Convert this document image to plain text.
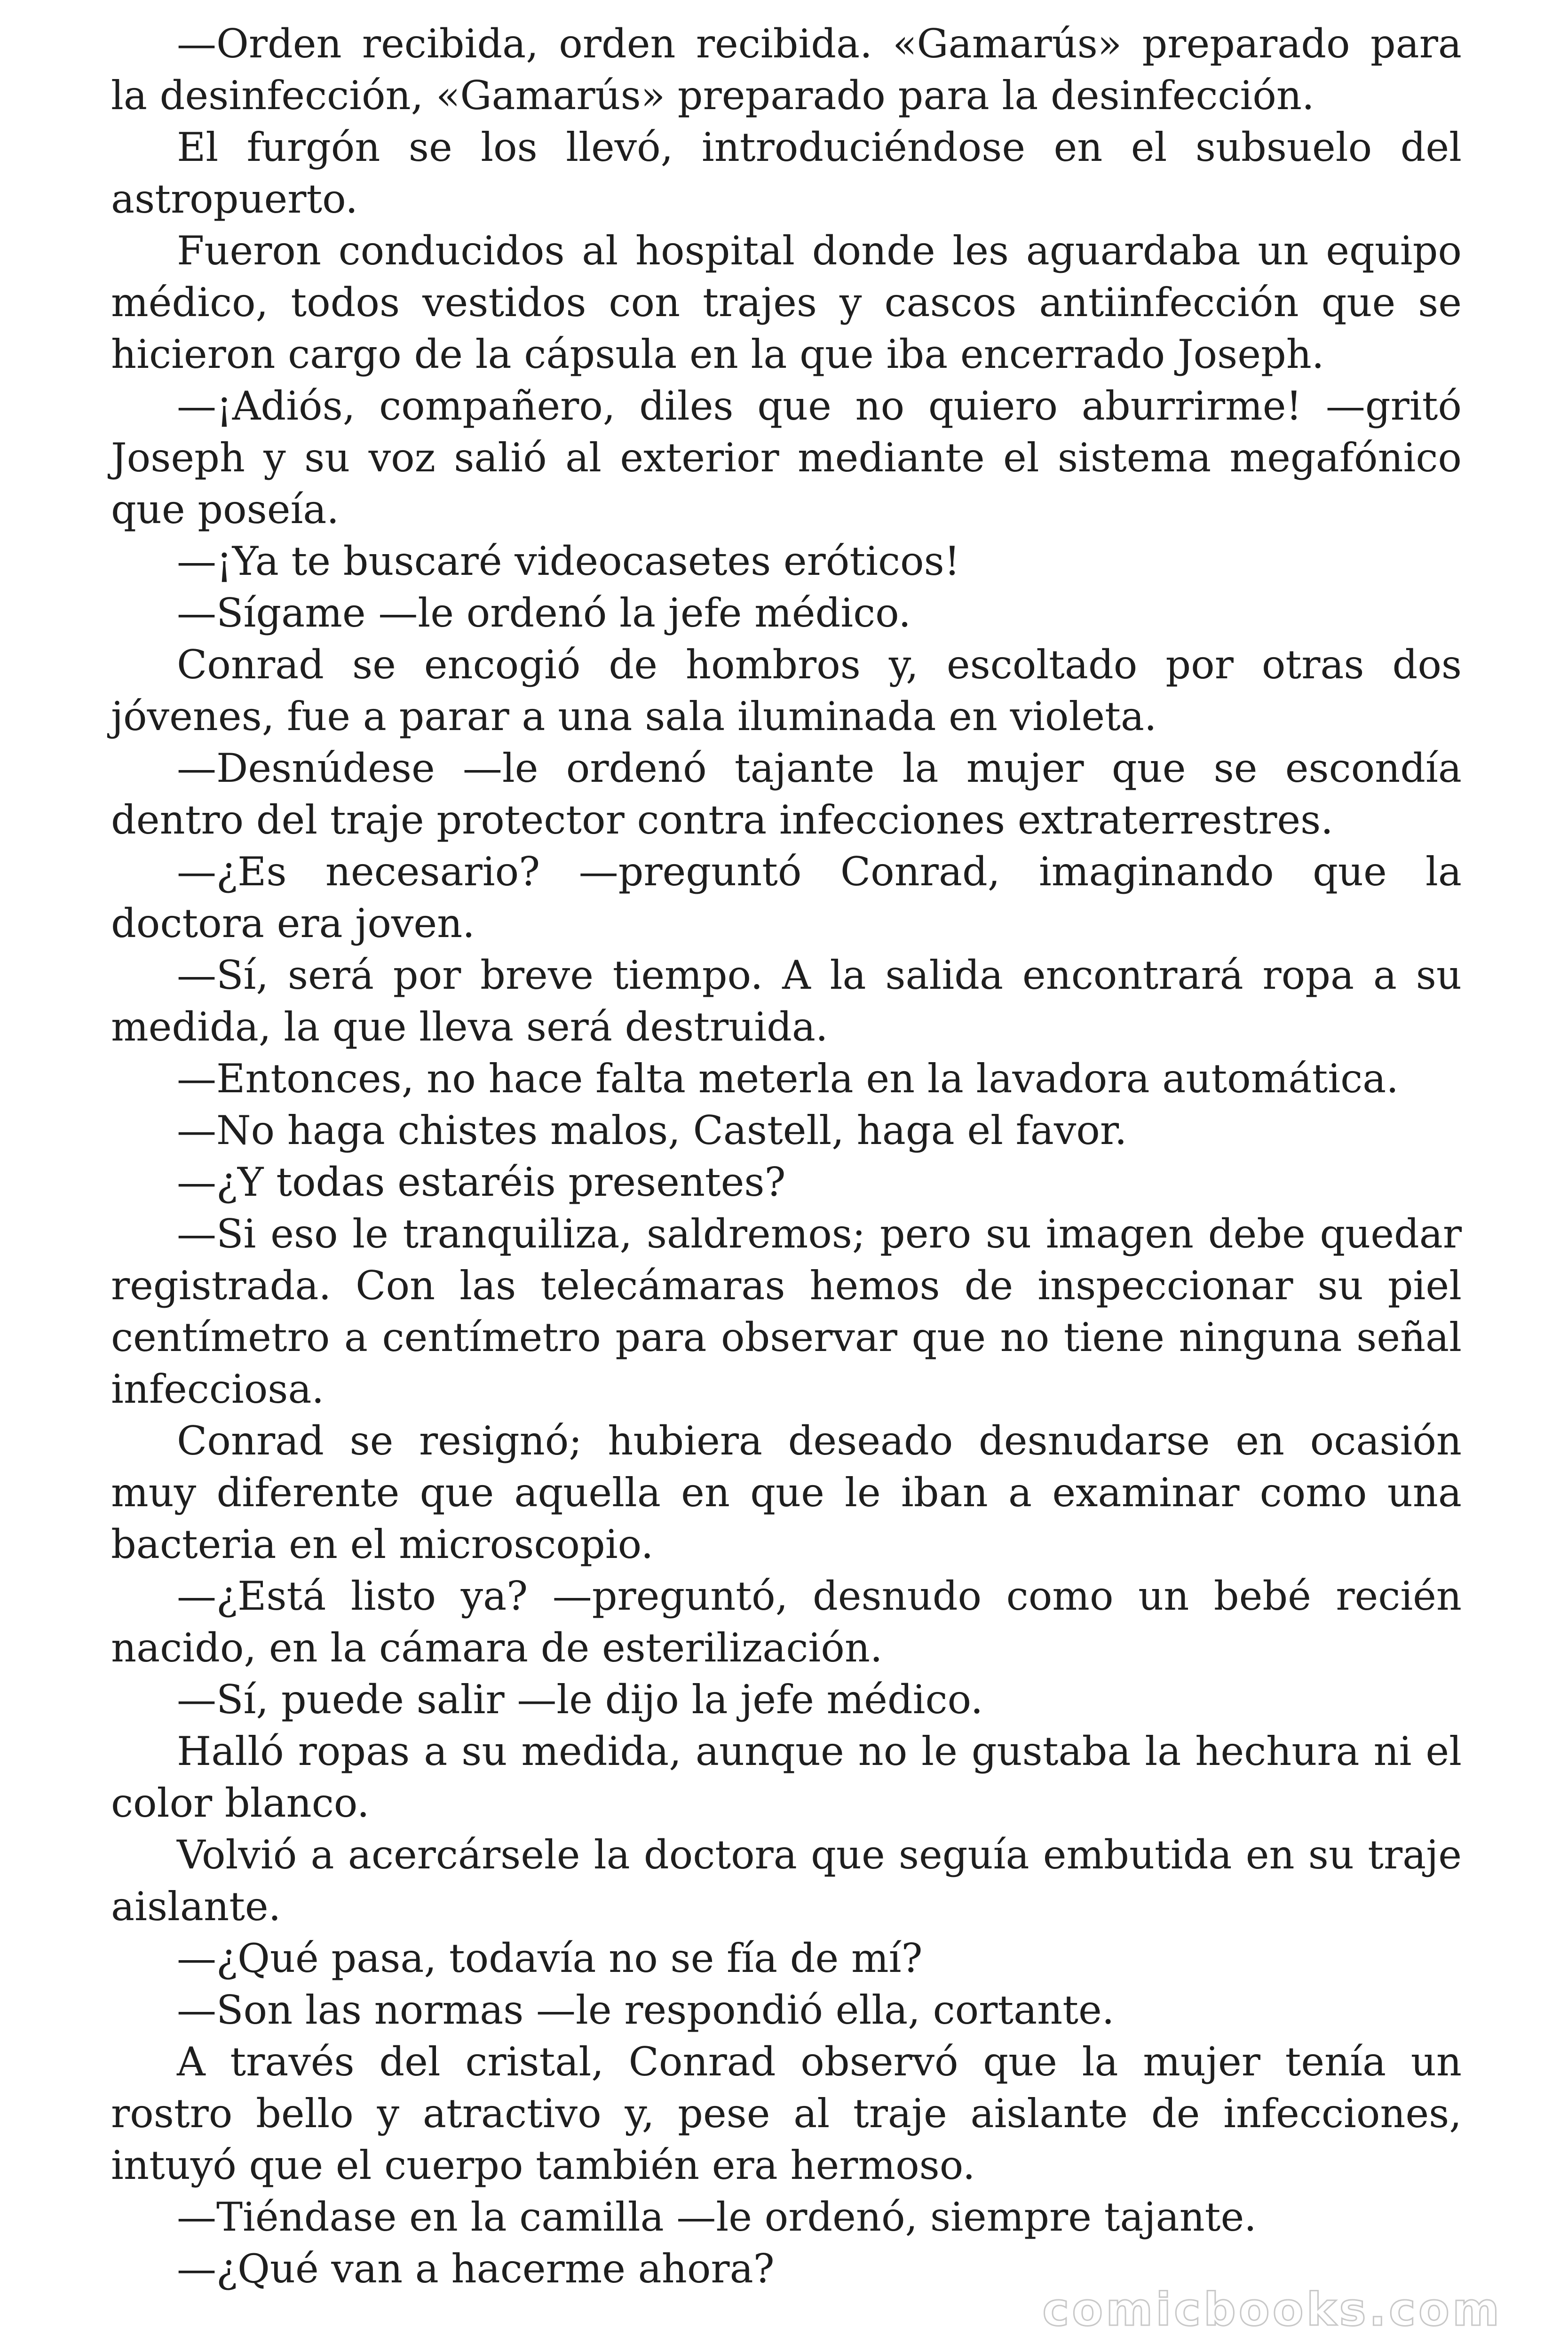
—Orden recibida, orden recibida. «Gamarús» preparado para la desinfección, «Gamarús» preparado para la desinfección.

El furgón se los llevó, introduciéndose en el subsuelo del astropuerto.

Fueron conducidos al hospital donde les aguardaba un equipo médico, todos vestidos con trajes y cascos antiinfección que se hicieron cargo de la cápsula en la que iba encerrado Joseph.

—¡Adiós, compañero, diles que no quiero aburrirme! —gritó Joseph y su voz salió al exterior mediante el sistema megafónico que poseía.

—¡Ya te buscaré videocasetes eróticos!

—Sígame —le ordenó la jefe médico.

Conrad se encogió de hombros y, escoltado por otras dos jóvenes, fue a parar a una sala iluminada en violeta.

—Desnúdese —le ordenó tajante la mujer que se escondía dentro del traje protector contra infecciones extraterrestres.

—¿Es necesario? —preguntó Conrad, imaginando que la doctora era joven.

—Sí, será por breve tiempo. A la salida encontrará ropa a su medida, la que lleva será destruida.

—Entonces, no hace falta meterla en la lavadora automática.

—No haga chistes malos, Castell, haga el favor.

—¿Y todas estaréis presentes?

—Si eso le tranquiliza, saldremos; pero su imagen debe quedar registrada. Con las telecámaras hemos de inspeccionar su piel centímetro a centímetro para observar que no tiene ninguna señal infecciosa.

Conrad se resignó; hubiera deseado desnudarse en ocasión muy diferente que aquella en que le iban a examinar como una bacteria en el microscopio.

—¿Está listo ya? —preguntó, desnudo como un bebé recién nacido, en la cámara de esterilización.

—Sí, puede salir —le dijo la jefe médico.

Halló ropas a su medida, aunque no le gustaba la hechura ni el color blanco.

Volvió a acercársele la doctora que seguía embutida en su traje aislante.

—¿Qué pasa, todavía no se fía de mí?

—Son las normas —le respondió ella, cortante.

A través del cristal, Conrad observó que la mujer tenía un rostro bello y atractivo y, pese al traje aislante de infecciones, intuyó que el cuerpo también era hermoso.

—Tiéndase en la camilla —le ordenó, siempre tajante.

—¿Qué van a hacerme ahora?

comicbooks.com
